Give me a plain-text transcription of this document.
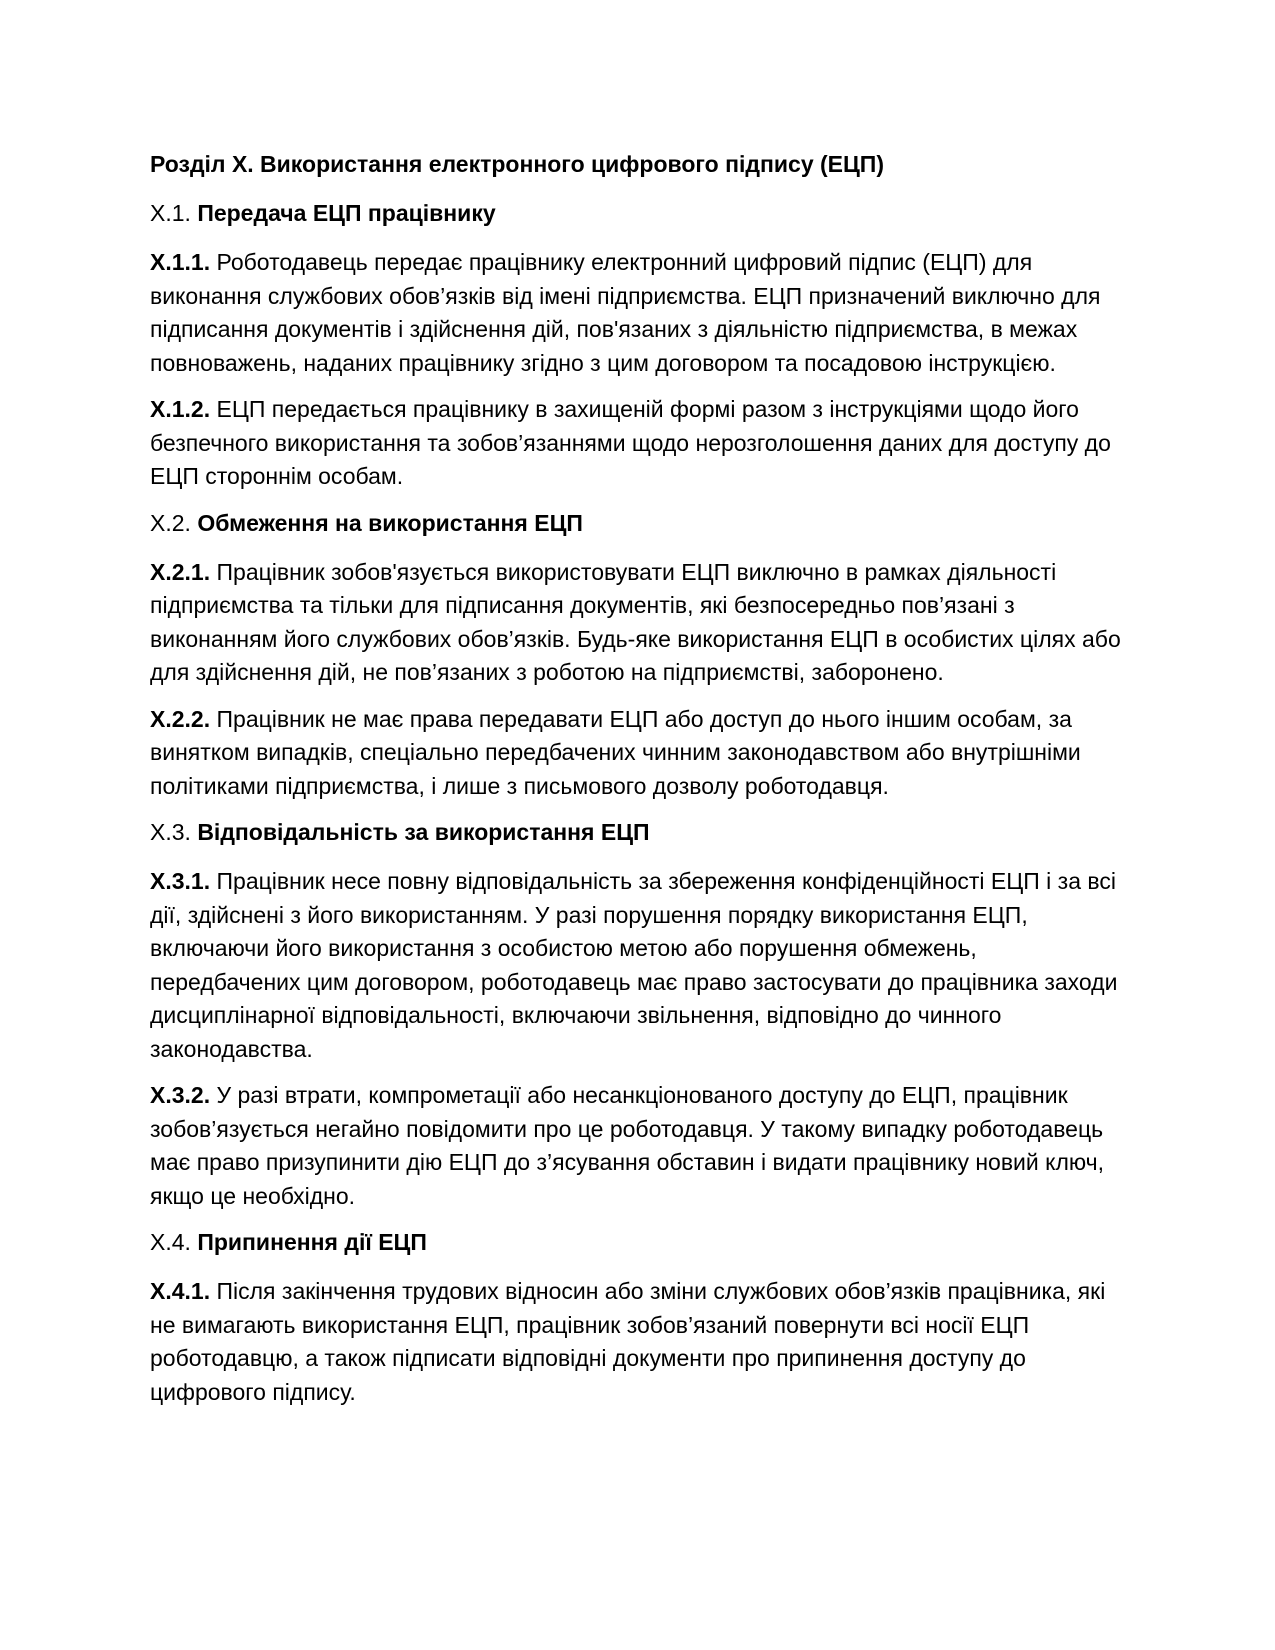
Розділ Х. Використання електронного цифрового підпису (ЕЦП)
Х.1. Передача ЕЦП працівнику

Х.1.1. Роботодавець передає працівнику електронний цифровий підпис (ЕЦП) для виконання службових обов’язків від імені підприємства. ЕЦП призначений виключно для підписання документів і здійснення дій, пов'язаних з діяльністю підприємства, в межах повноважень, наданих працівнику згідно з цим договором та посадовою інструкцією.

Х.1.2. ЕЦП передається працівнику в захищеній формі разом з інструкціями щодо його безпечного використання та зобов’язаннями щодо нерозголошення даних для доступу до ЕЦП стороннім особам.

Х.2. Обмеження на використання ЕЦП

Х.2.1. Працівник зобов'язується використовувати ЕЦП виключно в рамках діяльності підприємства та тільки для підписання документів, які безпосередньо пов’язані з виконанням його службових обов’язків. Будь-яке використання ЕЦП в особистих цілях або для здійснення дій, не пов’язаних з роботою на підприємстві, заборонено.

Х.2.2. Працівник не має права передавати ЕЦП або доступ до нього іншим особам, за винятком випадків, спеціально передбачених чинним законодавством або внутрішніми політиками підприємства, і лише з письмового дозволу роботодавця.

Х.3. Відповідальність за використання ЕЦП

Х.3.1. Працівник несе повну відповідальність за збереження конфіденційності ЕЦП і за всі дії, здійснені з його використанням. У разі порушення порядку використання ЕЦП, включаючи його використання з особистою метою або порушення обмежень, передбачених цим договором, роботодавець має право застосувати до працівника заходи дисциплінарної відповідальності, включаючи звільнення, відповідно до чинного законодавства.

Х.3.2. У разі втрати, компрометації або несанкціонованого доступу до ЕЦП, працівник зобов’язується негайно повідомити про це роботодавця. У такому випадку роботодавець має право призупинити дію ЕЦП до з’ясування обставин і видати працівнику новий ключ, якщо це необхідно.

Х.4. Припинення дії ЕЦП

Х.4.1. Після закінчення трудових відносин або зміни службових обов’язків працівника, які не вимагають використання ЕЦП, працівник зобов’язаний повернути всі носії ЕЦП роботодавцю, а також підписати відповідні документи про припинення доступу до цифрового підпису.
